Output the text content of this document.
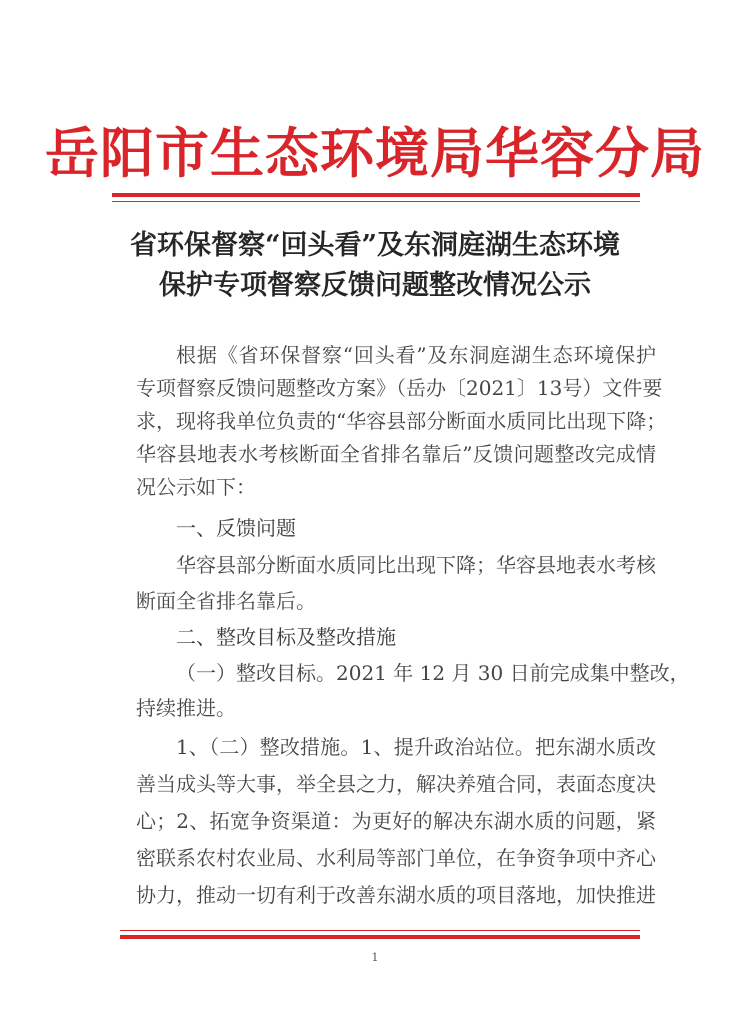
岳阳市生态环境局华容分局
省环保督察“回头看”及东洞庭湖生态环境
保护专项督察反馈问题整改情况公示
根据《省环保督察“回头看”及东洞庭湖生态环境保护
专项督察反馈问题整改方案》（岳办〔2021〕13号）文件要
求，现将我单位负责的“华容县部分断面水质同比出现下降；
华容县地表水考核断面全省排名靠后”反馈问题整改完成情
况公示如下：
一、反馈问题
华容县部分断面水质同比出现下降；华容县地表水考核
断面全省排名靠后。
二、整改目标及整改措施
（一）整改目标。2021 年 12 月 30 日前完成集中整改，
持续推进。
1、（二）整改措施。1、提升政治站位。把东湖水质改
善当成头等大事，举全县之力，解决养殖合同，表面态度决
心；2、拓宽争资渠道：为更好的解决东湖水质的问题，紧
密联系农村农业局、水利局等部门单位，在争资争项中齐心
协力，推动一切有利于改善东湖水质的项目落地，加快推进
1
